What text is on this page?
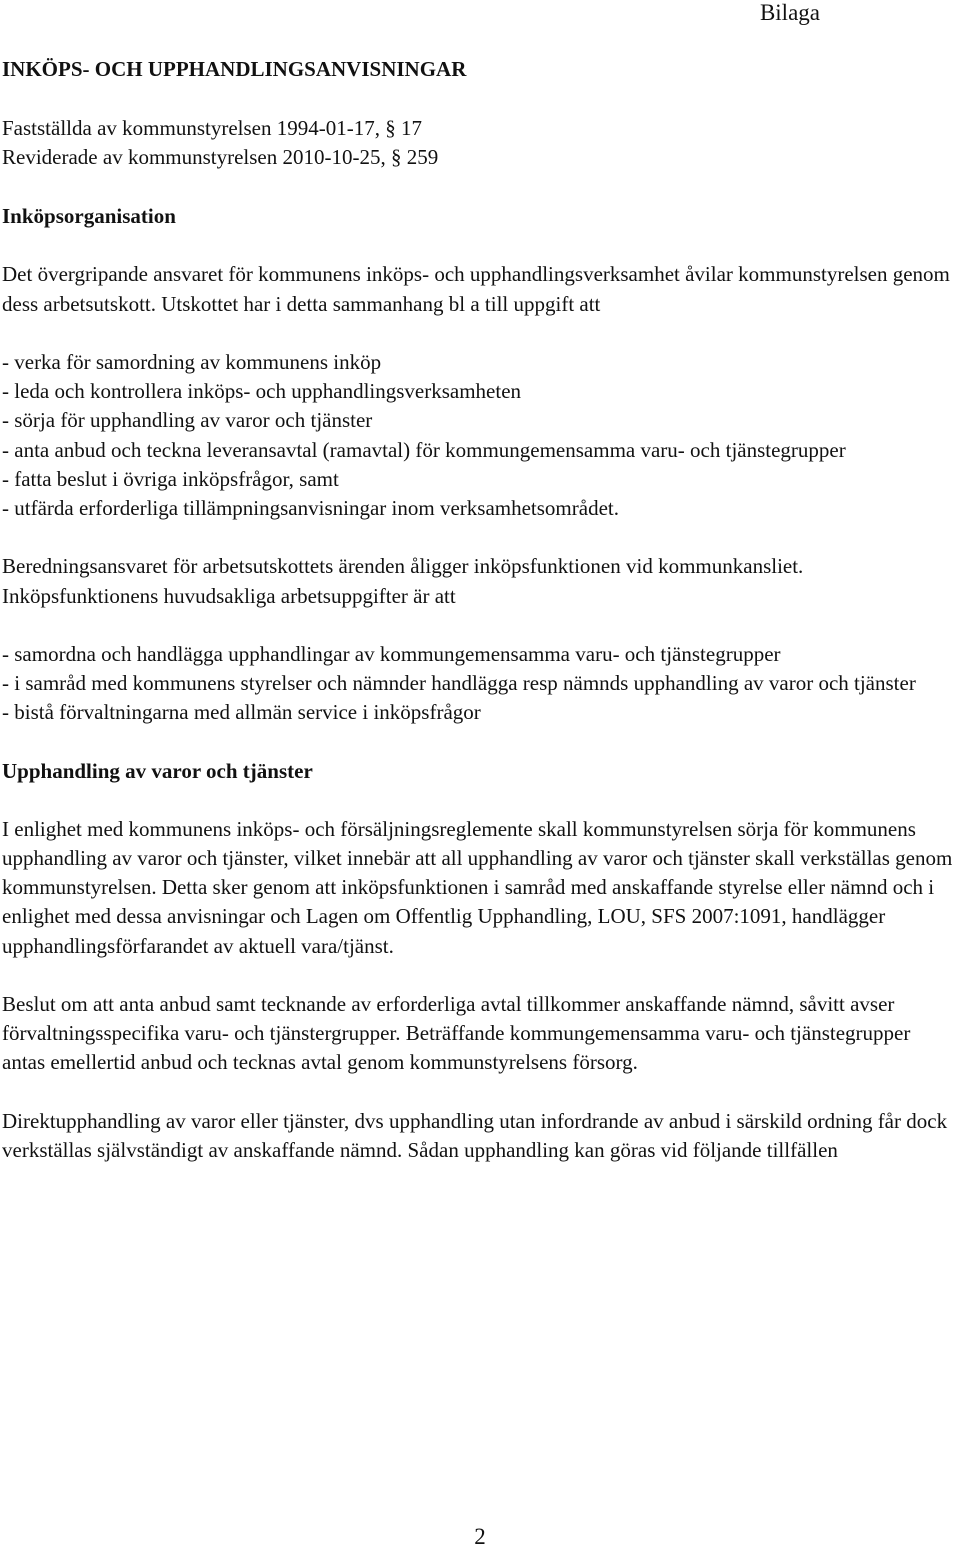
Bilaga
INKÖPS- OCH UPPHANDLINGSANVISNINGAR

Fastställda av kommunstyrelsen 1994-01-17, § 17

Reviderade av kommunstyrelsen 2010-10-25, § 259

Inköpsorganisation

Det övergripande ansvaret för kommunens inköps- och upphandlingsverksamhet åvilar kommunstyrelsen genom dess arbetsutskott. Utskottet har i detta sammanhang bl a till uppgift att

- verka för samordning av kommunens inköp
- leda och kontrollera inköps- och upphandlingsverksamheten
- sörja för upphandling av varor och tjänster
- anta anbud och teckna leveransavtal (ramavtal) för kommungemensamma varu- och tjänstegrupper
- fatta beslut i övriga inköpsfrågor, samt
- utfärda erforderliga tillämpningsanvisningar inom verksamhetsområdet.

Beredningsansvaret för arbetsutskottets ärenden åligger inköpsfunktionen vid kommunkansliet. Inköpsfunktionens huvudsakliga arbetsuppgifter är att

- samordna och handlägga upphandlingar av kommungemensamma varu- och tjänstegrupper
- i samråd med kommunens styrelser och nämnder handlägga resp nämnds upphandling av varor och tjänster
- bistå förvaltningarna med allmän service i inköpsfrågor
Upphandling av varor och tjänster

I enlighet med kommunens inköps- och försäljningsreglemente skall kommunstyrelsen sörja för kommunens upphandling av varor och tjänster, vilket innebär att all upphandling av varor och tjänster skall verkställas genom kommunstyrelsen. Detta sker genom att inköpsfunktionen i samråd med anskaffande styrelse eller nämnd och i enlighet med dessa anvisningar och Lagen om Offentlig Upphandling, LOU, SFS 2007:1091, handlägger upphandlingsförfarandet av aktuell vara/tjänst.

Beslut om att anta anbud samt tecknande av erforderliga avtal tillkommer anskaffande nämnd, såvitt avser förvaltningsspecifika varu- och tjänstergrupper. Beträffande kommungemensamma varu- och tjänstegrupper antas emellertid anbud och tecknas avtal genom kommunstyrelsens försorg.

Direktupphandling av varor eller tjänster, dvs upphandling utan infordrande av anbud i särskild ordning får dock verkställas självständigt av anskaffande nämnd. Sådan upphandling kan göras vid följande tillfällen

2
